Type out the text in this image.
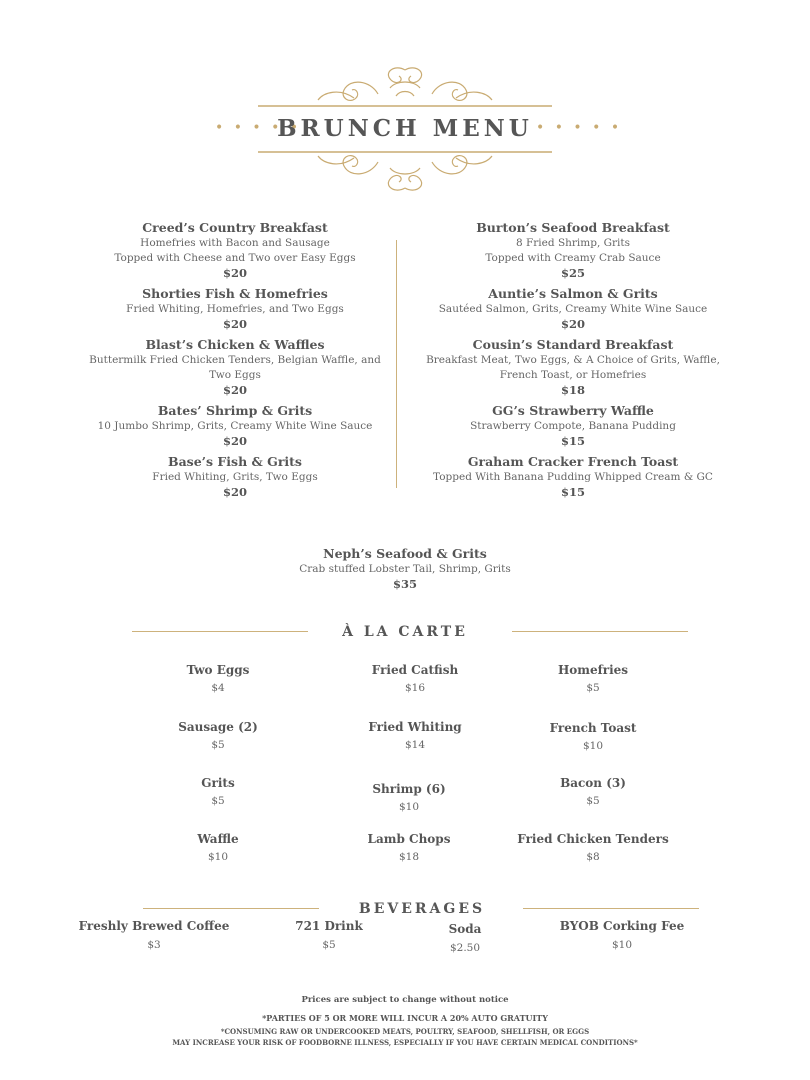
• • • • •
BRUNCH MENU • • • • •
Creed’s Country Breakfast
Homefries with Bacon and Sausage
Topped with Cheese and Two over Easy Eggs
$20
Shorties Fish & Homefries
Fried Whiting, Homefries, and Two Eggs
$20
Blast’s Chicken & Waffles
Buttermilk Fried Chicken Tenders, Belgian Waffle, and
Two Eggs
$20
Bates’ Shrimp & Grits
10 Jumbo Shrimp, Grits, Creamy White Wine Sauce
$20
Base’s Fish & Grits
Fried Whiting, Grits, Two Eggs
$20
Burton’s Seafood Breakfast
8 Fried Shrimp, Grits
Topped with Creamy Crab Sauce
$25
Auntie’s Salmon & Grits
Sautéed Salmon, Grits, Creamy White Wine Sauce
$20
Cousin’s Standard Breakfast
Breakfast Meat, Two Eggs, & A Choice of Grits, Waffle,
French Toast, or Homefries
$18
GG’s Strawberry Waffle
Strawberry Compote, Banana Pudding
$15
Graham Cracker French Toast
Topped With Banana Pudding Whipped Cream & GC
$15
Neph’s Seafood & Grits
Crab stuffed Lobster Tail, Shrimp, Grits
$35
À LA CARTE
Two Eggs
$4
Fried Catfish
$16
Homefries
$5
Sausage (2)
$5
Fried Whiting
$14
French Toast
$10
Grits
$5
Shrimp (6)
$10
Bacon (3)
$5
Waffle
$10
Lamb Chops
$18
Fried Chicken Tenders
$8
BEVERAGES
Freshly Brewed Coffee
$3
721 Drink
$5
Soda
$2.50
BYOB Corking Fee
$10
Prices are subject to change without notice
*PARTIES OF 5 OR MORE WILL INCUR A 20% AUTO GRATUITY
*CONSUMING RAW OR UNDERCOOKED MEATS, POULTRY, SEAFOOD, SHELLFISH, OR EGGS
MAY INCREASE YOUR RISK OF FOODBORNE ILLNESS, ESPECIALLY IF YOU HAVE CERTAIN MEDICAL CONDITIONS*
